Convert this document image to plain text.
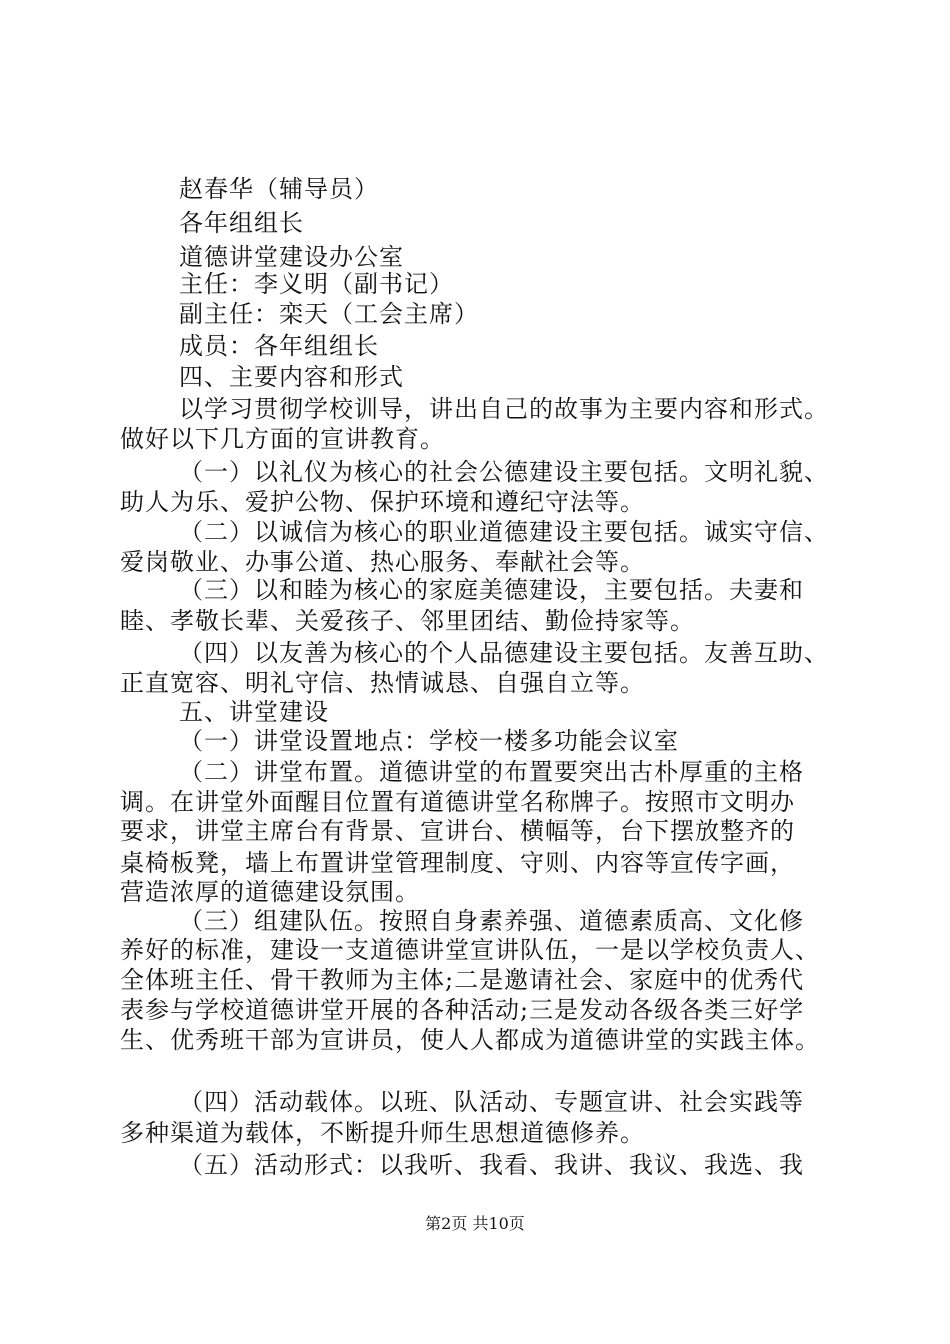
赵春华（辅导员）
各年组组长
道德讲堂建设办公室
主任：李义明（副书记）
副主任：栾天（工会主席）
成员：各年组组长
四、主要内容和形式
以学习贯彻学校训导，讲出自己的故事为主要内容和形式。
做好以下几方面的宣讲教育。
（一）以礼仪为核心的社会公德建设主要包括。文明礼貌、
助人为乐、爱护公物、保护环境和遵纪守法等。
（二）以诚信为核心的职业道德建设主要包括。诚实守信、
爱岗敬业、办事公道、热心服务、奉献社会等。
（三）以和睦为核心的家庭美德建设，主要包括。夫妻和
睦、孝敬长辈、关爱孩子、邻里团结、勤俭持家等。
（四）以友善为核心的个人品德建设主要包括。友善互助、
正直宽容、明礼守信、热情诚恳、自强自立等。
五、讲堂建设
（一）讲堂设置地点：学校一楼多功能会议室
（二）讲堂布置。道德讲堂的布置要突出古朴厚重的主格
调。在讲堂外面醒目位置有道德讲堂名称牌子。按照市文明办
要求，讲堂主席台有背景、宣讲台、横幅等，台下摆放整齐的
桌椅板凳，墙上布置讲堂管理制度、守则、内容等宣传字画，
营造浓厚的道德建设氛围。
（三）组建队伍。按照自身素养强、道德素质高、文化修
养好的标准，建设一支道德讲堂宣讲队伍，一是以学校负责人、
全体班主任、骨干教师为主体;二是邀请社会、家庭中的优秀代
表参与学校道德讲堂开展的各种活动;三是发动各级各类三好学
生、优秀班干部为宣讲员，使人人都成为道德讲堂的实践主体。
（四）活动载体。以班、队活动、专题宣讲、社会实践等
多种渠道为载体，不断提升师生思想道德修养。
（五）活动形式：以我听、我看、我讲、我议、我选、我
第2页 共10页
